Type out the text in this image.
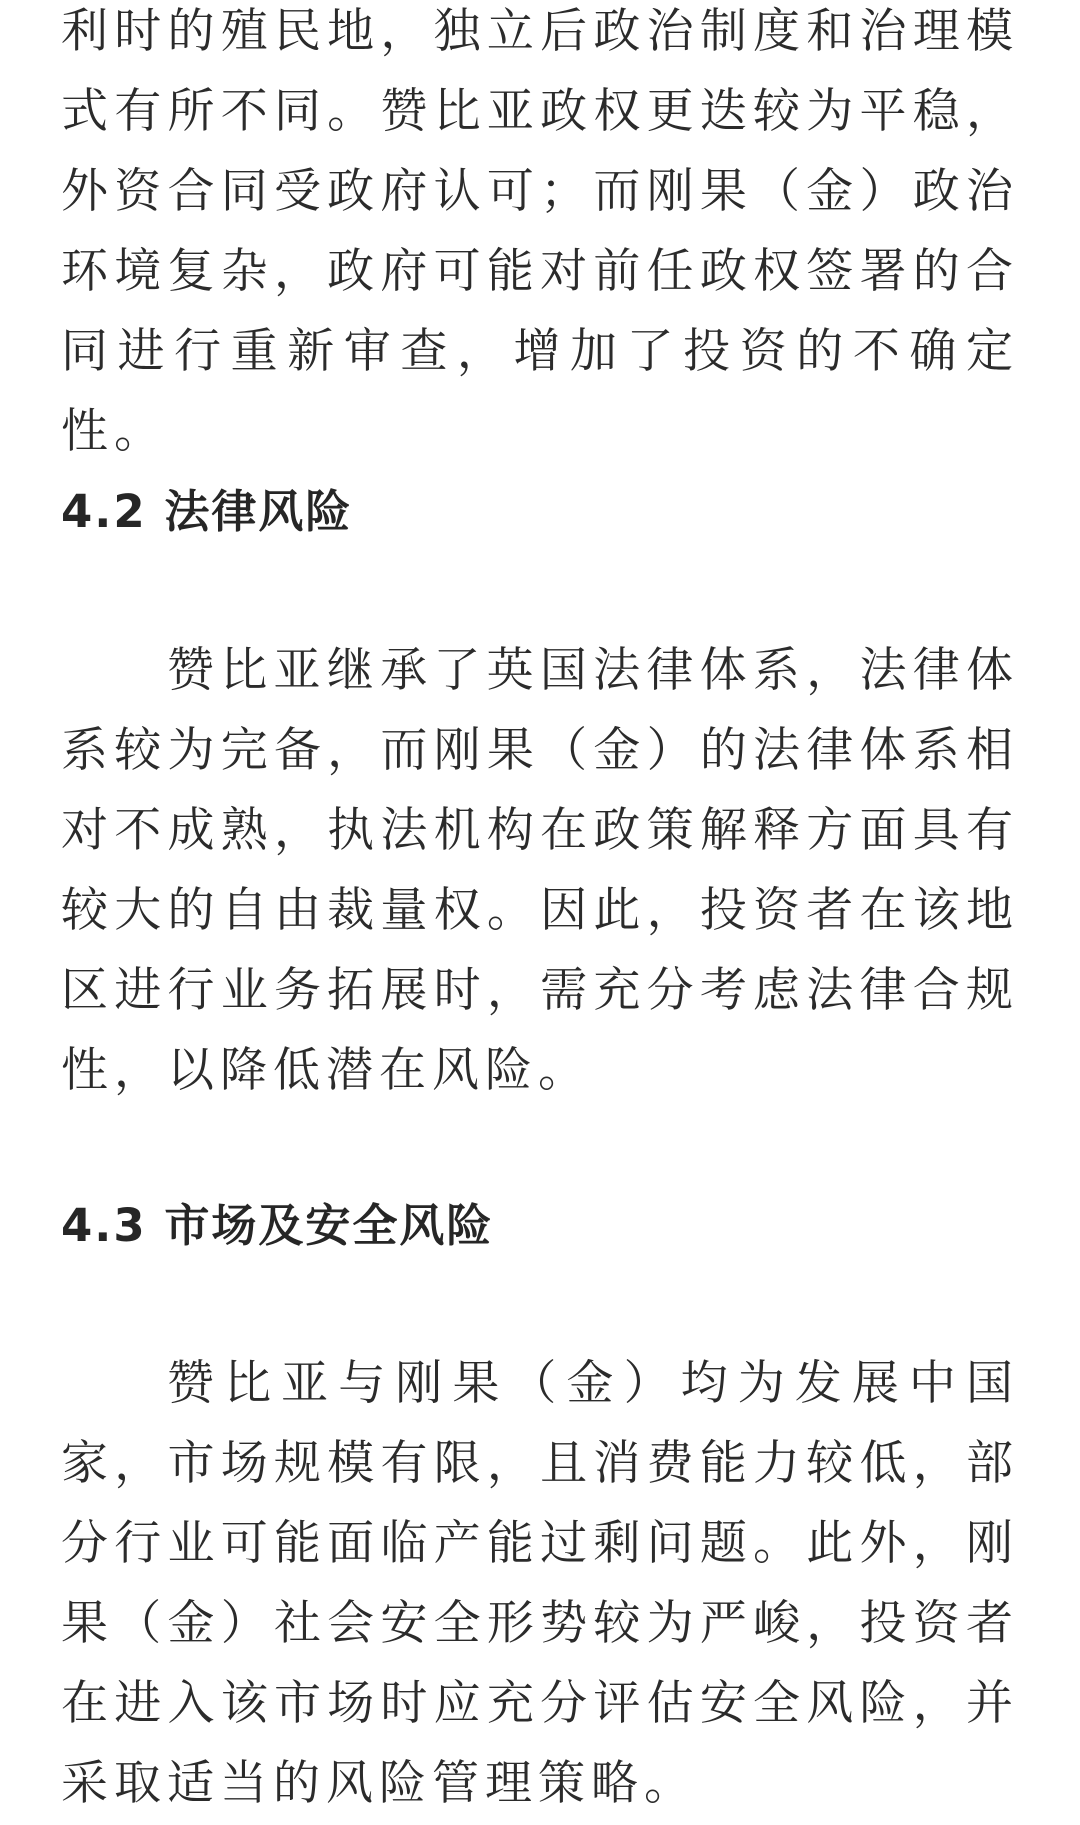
利时的殖民地，独立后政治制度和治理模式有所不同。赞比亚政权更迭较为平稳，外资合同受政府认可；而刚果（金）政治环境复杂，政府可能对前任政权签署的合同进行重新审查，增加了投资的不确定性。

4.2 法律风险

赞比亚继承了英国法律体系，法律体系较为完备，而刚果（金）的法律体系相对不成熟，执法机构在政策解释方面具有较大的自由裁量权。因此，投资者在该地区进行业务拓展时，需充分考虑法律合规性，以降低潜在风险。

4.3 市场及安全风险

赞比亚与刚果（金）均为发展中国家，市场规模有限，且消费能力较低，部分行业可能面临产能过剩问题。此外，刚果（金）社会安全形势较为严峻，投资者在进入该市场时应充分评估安全风险，并采取适当的风险管理策略。
